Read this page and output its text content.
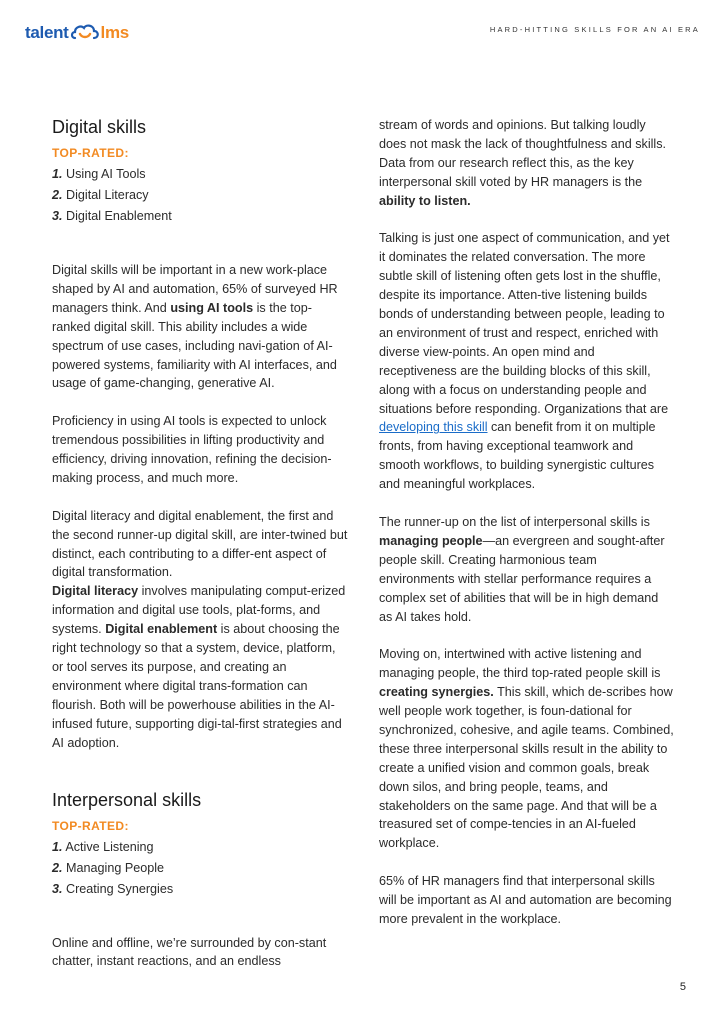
talent lms	HARD-HITTING SKILLS FOR AN AI ERA
Digital skills
TOP-RATED:
1. Using AI Tools
2. Digital Literacy
3. Digital Enablement

Digital skills will be important in a new work-place shaped by AI and automation, 65% of surveyed HR managers think. And using AI tools is the top-ranked digital skill. This ability includes a wide spectrum of use cases, including navi-gation of AI-powered systems, familiarity with AI interfaces, and usage of game-changing, generative AI.

Proficiency in using AI tools is expected to unlock tremendous possibilities in lifting productivity and efficiency, driving innovation, refining the decision-making process, and much more.

Digital literacy and digital enablement, the first and the second runner-up digital skill, are inter-twined but distinct, each contributing to a differ-ent aspect of digital transformation.
Digital literacy involves manipulating comput-erized information and digital use tools, plat-forms, and systems. Digital enablement is about choosing the right technology so that a system, device, platform, or tool serves its purpose, and creating an environment where digital trans-formation can flourish. Both will be powerhouse abilities in the AI-infused future, supporting digi-tal-first strategies and AI adoption.

Interpersonal skills
TOP-RATED:
1. Active Listening
2. Managing People
3. Creating Synergies

Online and offline, we’re surrounded by con-stant chatter, instant reactions, and an endless

stream of words and opinions. But talking loudly does not mask the lack of thoughtfulness and skills. Data from our research reflect this, as the key interpersonal skill voted by HR managers is the ability to listen.

Talking is just one aspect of communication, and yet it dominates the related conversation. The more subtle skill of listening often gets lost in the shuffle, despite its importance. Atten-tive listening builds bonds of understanding between people, leading to an environment of trust and respect, enriched with diverse view-points. An open mind and receptiveness are the building blocks of this skill, along with a focus on understanding people and situations before responding. Organizations that are developing this skill can benefit from it on multiple fronts, from having exceptional teamwork and smooth workflows, to building synergistic cultures and meaningful workplaces.

The runner-up on the list of interpersonal skills is managing people—an evergreen and sought-after people skill. Creating harmonious team environments with stellar performance requires a complex set of abilities that will be in high demand as AI takes hold.

Moving on, intertwined with active listening and managing people, the third top-rated people skill is creating synergies. This skill, which de-scribes how well people work together, is foun-dational for synchronized, cohesive, and agile teams. Combined, these three interpersonal skills result in the ability to create a unified vision and common goals, break down silos, and bring people, teams, and stakeholders on the same page. And that will be a treasured set of compe-tencies in an AI-fueled workplace.

65% of HR managers find that interpersonal skills will be important as AI and automation are becoming more prevalent in the workplace.

5
